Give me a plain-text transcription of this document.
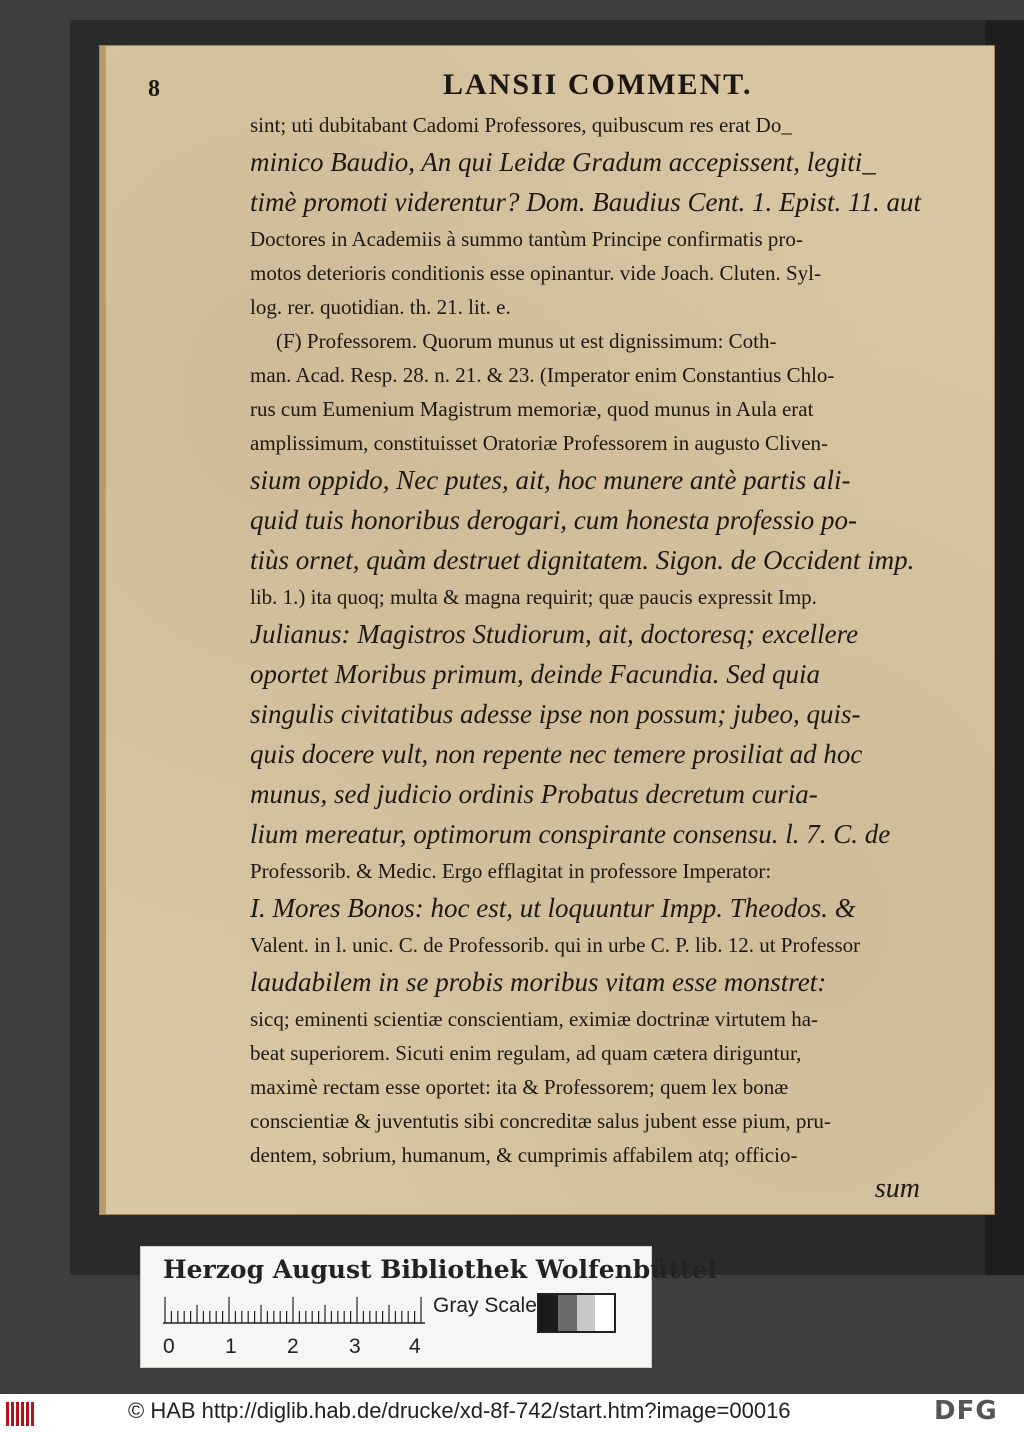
8	LANSII COMMENT.
sint; uti dubitabant Cadomi Professores, quibuscum res erat Do_
minico Baudio, An qui Leidæ Gradum accepissent, legiti_
timè promoti viderentur? Dom. Baudius Cent. 1. Epist. 11. aut
Doctores in Academiis à summo tantùm Principe confirmatis pro-
motos deterioris conditionis esse opinantur. vide Joach. Cluten. Syl-
log. rer. quotidian. th. 21. lit. e.
(F) Professorem. Quorum munus ut est dignissimum: Coth-
man. Acad. Resp. 28. n. 21. & 23. (Imperator enim Constantius Chlo-
rus cum Eumenium Magistrum memoriæ, quod munus in Aula erat
amplissimum, constituisset Oratoriæ Professorem in augusto Cliven-
sium oppido, Nec putes, ait, hoc munere antè partis ali-
quid tuis honoribus derogari, cum honesta professio po-
tiùs ornet, quàm destruet dignitatem. Sigon. de Occident imp.
lib. 1.) ita quoq; multa & magna requirit; quæ paucis expressit Imp.
Julianus: Magistros Studiorum, ait, doctoresq; excellere
oportet Moribus primum, deinde Facundia. Sed quia
singulis civitatibus adesse ipse non possum; jubeo, quis-
quis docere vult, non repente nec temere prosiliat ad hoc
munus, sed judicio ordinis Probatus decretum curia-
lium mereatur, optimorum conspirante consensu. l. 7. C. de
Professorib. & Medic. Ergo efflagitat in professore Imperator:
I. Mores Bonos: hoc est, ut loquuntur Impp. Theodos. &
Valent. in l. unic. C. de Professorib. qui in urbe C. P. lib. 12. ut Professor
laudabilem in se probis moribus vitam esse monstret:
sicq; eminenti scientiæ conscientiam, eximiæ doctrinæ virtutem ha-
beat superiorem. Sicuti enim regulam, ad quam cætera diriguntur,
maximè rectam esse oportet: ita & Professorem; quem lex bonæ
conscientiæ & juventutis sibi concreditæ salus jubent esse pium, pru-
dentem, sobrium, humanum, & cumprimis affabilem atq; officio-
sum
Herzog August Bibliothek Wolfenbüttel
0 1 2 3 4
Gray Scale
© HAB http://diglib.hab.de/drucke/xd-8f-742/start.htm?image=00016	DFG
